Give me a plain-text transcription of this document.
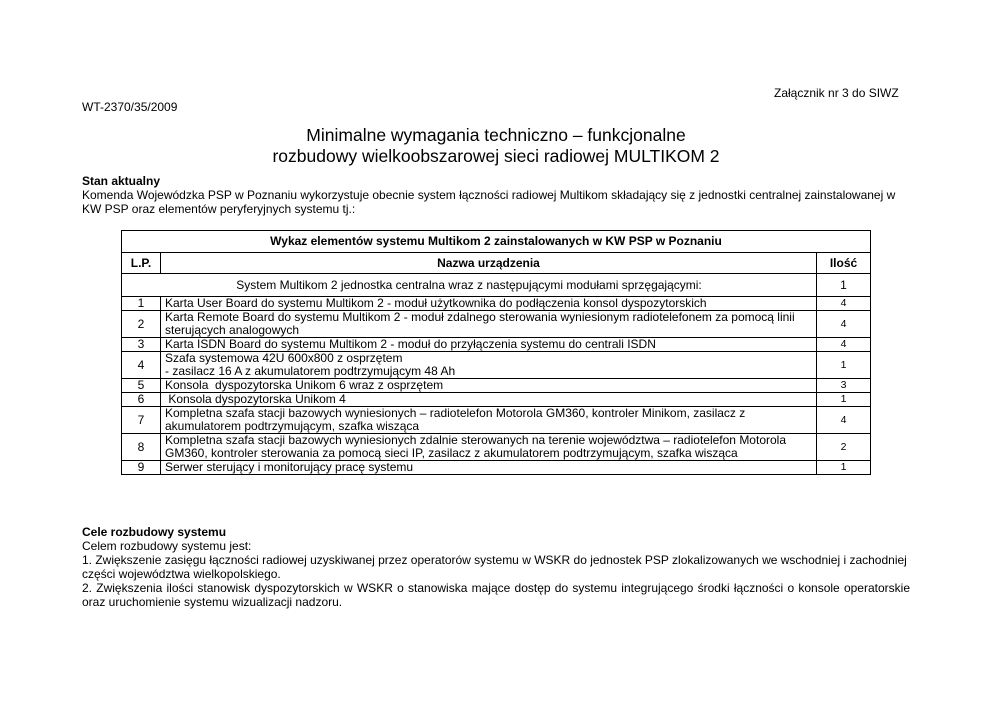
Załącznik nr 3 do SIWZ
WT-2370/35/2009
Minimalne wymagania techniczno – funkcjonalne
rozbudowy wielkoobszarowej sieci radiowej MULTIKOM 2
Stan aktualny
Komenda Wojewódzka PSP w Poznaniu wykorzystuje obecnie system łączności radiowej Multikom składający się z jednostki centralnej zainstalowanej w KW PSP oraz elementów peryferyjnych systemu tj.:
Wykaz elementów systemu Multikom 2 zainstalowanych w KW PSP w Poznaniu		
L.P.	Nazwa urządzenia	Ilość
System Multikom 2 jednostka centralna wraz z następującymi modułami sprzęgającymi:		1
1	Karta User Board do systemu Multikom 2 - moduł użytkownika do podłączenia konsol dyspozytorskich	4
2	Karta Remote Board do systemu Multikom 2 - moduł zdalnego sterowania wyniesionym radiotelefonem za pomocą linii sterujących analogowych	4
3	Karta ISDN Board do systemu Multikom 2 - moduł do przyłączenia systemu do centrali ISDN	4
4	Szafa systemowa 42U 600x800 z osprzętem
- zasilacz 16 A z akumulatorem podtrzymującym 48 Ah	1
5	Konsola  dyspozytorska Unikom 6 wraz z osprzętem	3
6	Konsola dyspozytorska Unikom 4	1
7	Kompletna szafa stacji bazowych wyniesionych – radiotelefon Motorola GM360, kontroler Minikom, zasilacz z akumulatorem podtrzymującym, szafka wisząca	4
8	Kompletna szafa stacji bazowych wyniesionych zdalnie sterowanych na terenie województwa – radiotelefon Motorola GM360, kontroler sterowania za pomocą sieci IP, zasilacz z akumulatorem podtrzymującym, szafka wisząca	2
9	Serwer sterujący i monitorujący pracę systemu	1
Cele rozbudowy systemu
Celem rozbudowy systemu jest:
1. Zwiększenie zasięgu łączności radiowej uzyskiwanej przez operatorów systemu w WSKR do jednostek PSP zlokalizowanych we wschodniej i zachodniej części województwa wielkopolskiego.
2. Zwiększenia ilości stanowisk dyspozytorskich w WSKR o stanowiska mające dostęp do systemu integrującego środki łączności o konsole operatorskie oraz uruchomienie systemu wizualizacji nadzoru.
